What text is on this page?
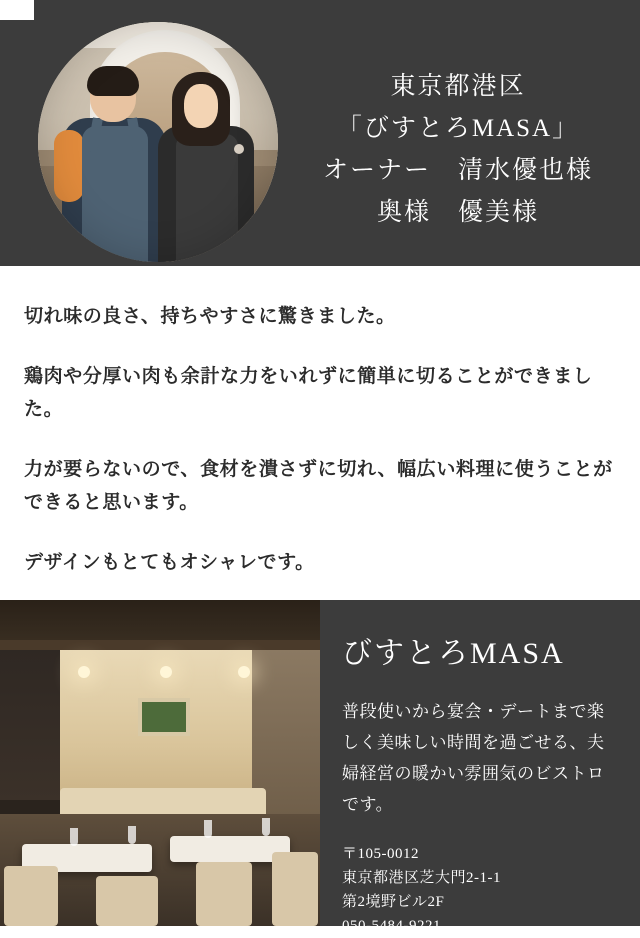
東京都港区
「びすとろMASA」
オーナー　清水優也様
奥様　優美様

切れ味の良さ、持ちやすさに驚きました。

鶏肉や分厚い肉も余計な力をいれずに簡単に切ることができました。

力が要らないので、食材を潰さずに切れ、幅広い料理に使うことができると思います。

デザインもとてもオシャレです。

びすとろMASA
普段使いから宴会・デートまで楽しく美味しい時間を過ごせる、夫婦経営の暖かい雰囲気のビストロです。
〒105-0012
東京都港区芝大門2-1-1
第2境野ビル2F
050-5484-9221
